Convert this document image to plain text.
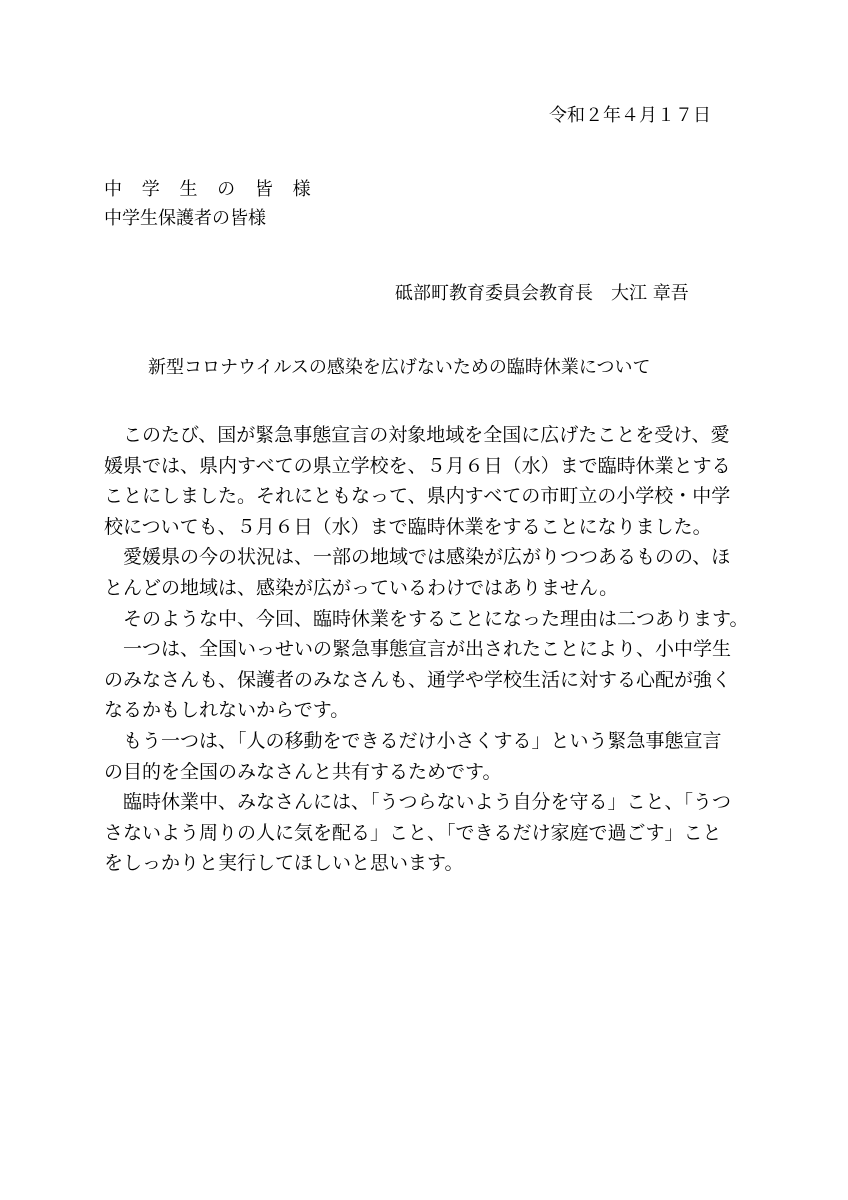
令和２年４月１７日
中 学 生 の 皆 様
中学生保護者の皆様
砥部町教育委員会教育長　大江 章吾
新型コロナウイルスの感染を広げないための臨時休業について
　このたび、国が緊急事態宣言の対象地域を全国に広げたことを受け、愛
媛県では、県内すべての県立学校を、５月６日（水）まで臨時休業とする
ことにしました。それにともなって、県内すべての市町立の小学校・中学
校についても、５月６日（水）まで臨時休業をすることになりました。
　愛媛県の今の状況は、一部の地域では感染が広がりつつあるものの、ほ
とんどの地域は、感染が広がっているわけではありません。
　そのような中、今回、臨時休業をすることになった理由は二つあります。
　一つは、全国いっせいの緊急事態宣言が出されたことにより、小中学生
のみなさんも、保護者のみなさんも、通学や学校生活に対する心配が強く
なるかもしれないからです。
　もう一つは、「人の移動をできるだけ小さくする」という緊急事態宣言
の目的を全国のみなさんと共有するためです。
　臨時休業中、みなさんには、「うつらないよう自分を守る」こと、「うつ
さないよう周りの人に気を配る」こと、「できるだけ家庭で過ごす」こと
をしっかりと実行してほしいと思います。
